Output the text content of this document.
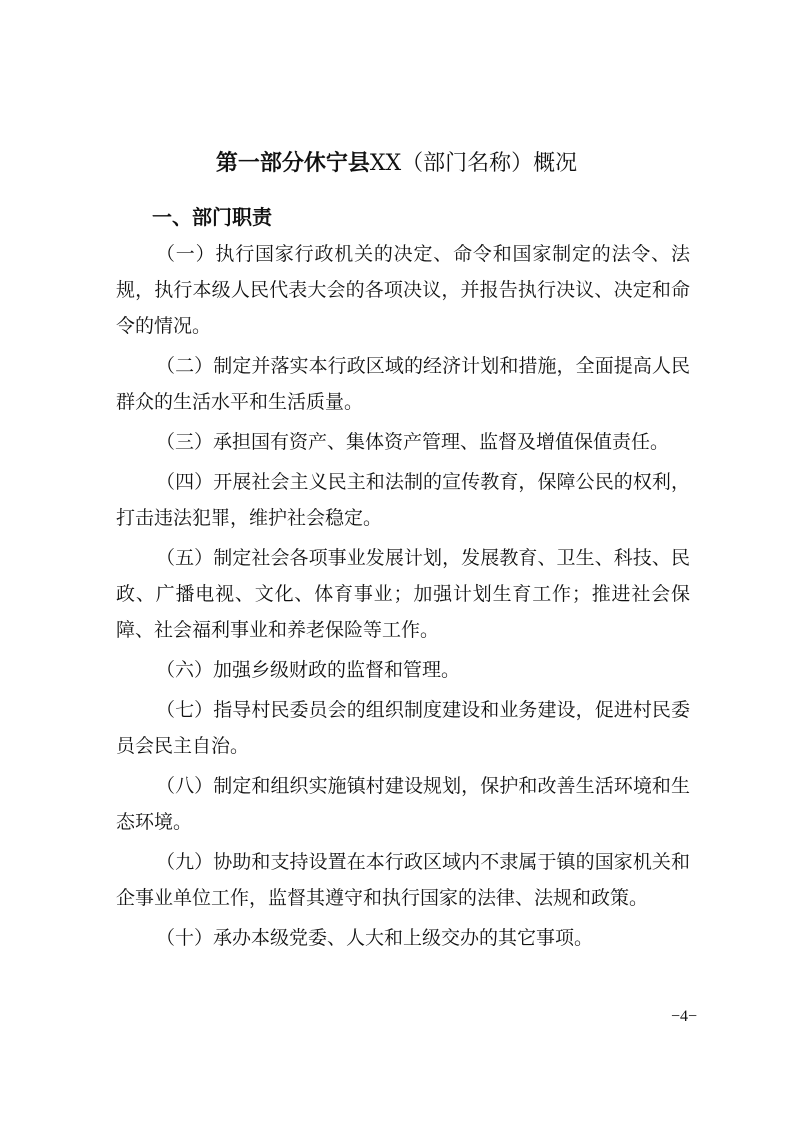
第一部分休宁县XX（部门名称）概况
一、部门职责

（一）执行国家行政机关的决定、命令和国家制定的法令、法规，执行本级人民代表大会的各项决议，并报告执行决议、决定和命令的情况。

（二）制定并落实本行政区域的经济计划和措施，全面提高人民群众的生活水平和生活质量。

（三）承担国有资产、集体资产管理、监督及增值保值责任。

（四）开展社会主义民主和法制的宣传教育，保障公民的权利，打击违法犯罪，维护社会稳定。

（五）制定社会各项事业发展计划，发展教育、卫生、科技、民政、广播电视、文化、体育事业；加强计划生育工作；推进社会保障、社会福利事业和养老保险等工作。

（六）加强乡级财政的监督和管理。

（七）指导村民委员会的组织制度建设和业务建设，促进村民委员会民主自治。

（八）制定和组织实施镇村建设规划，保护和改善生活环境和生态环境。

（九）协助和支持设置在本行政区域内不隶属于镇的国家机关和企事业单位工作，监督其遵守和执行国家的法律、法规和政策。

（十）承办本级党委、人大和上级交办的其它事项。

−4−
